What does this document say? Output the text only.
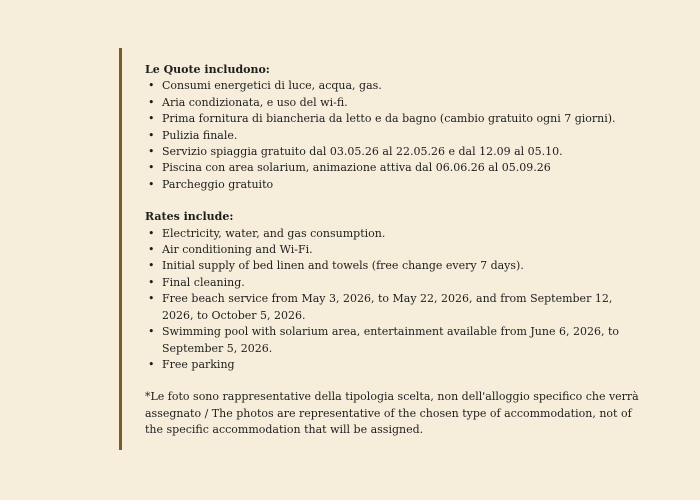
Le Quote includono:

• Consumi energetici di luce, acqua, gas.
• Aria condizionata, e uso del wi-fi.
• Prima fornitura di biancheria da letto e da bagno (cambio gratuito ogni 7 giorni).
• Pulizia finale.
• Servizio spiaggia gratuito dal 03.05.26 al 22.05.26 e dal 12.09 al 05.10.
• Piscina con area solarium, animazione attiva dal 06.06.26 al 05.09.26
• Parcheggio gratuito

Rates include:

• Electricity, water, and gas consumption.
• Air conditioning and Wi-Fi.
• Initial supply of bed linen and towels (free change every 7 days).
• Final cleaning.
• Free beach service from May 3, 2026, to May 22, 2026, and from September 12, 2026, to October 5, 2026.
• Swimming pool with solarium area, entertainment available from June 6, 2026, to September 5, 2026.
• Free parking

*Le foto sono rappresentative della tipologia scelta, non dell'alloggio specifico che verrà assegnato / The photos are representative of the chosen type of accommodation, not of the specific accommodation that will be assigned.
